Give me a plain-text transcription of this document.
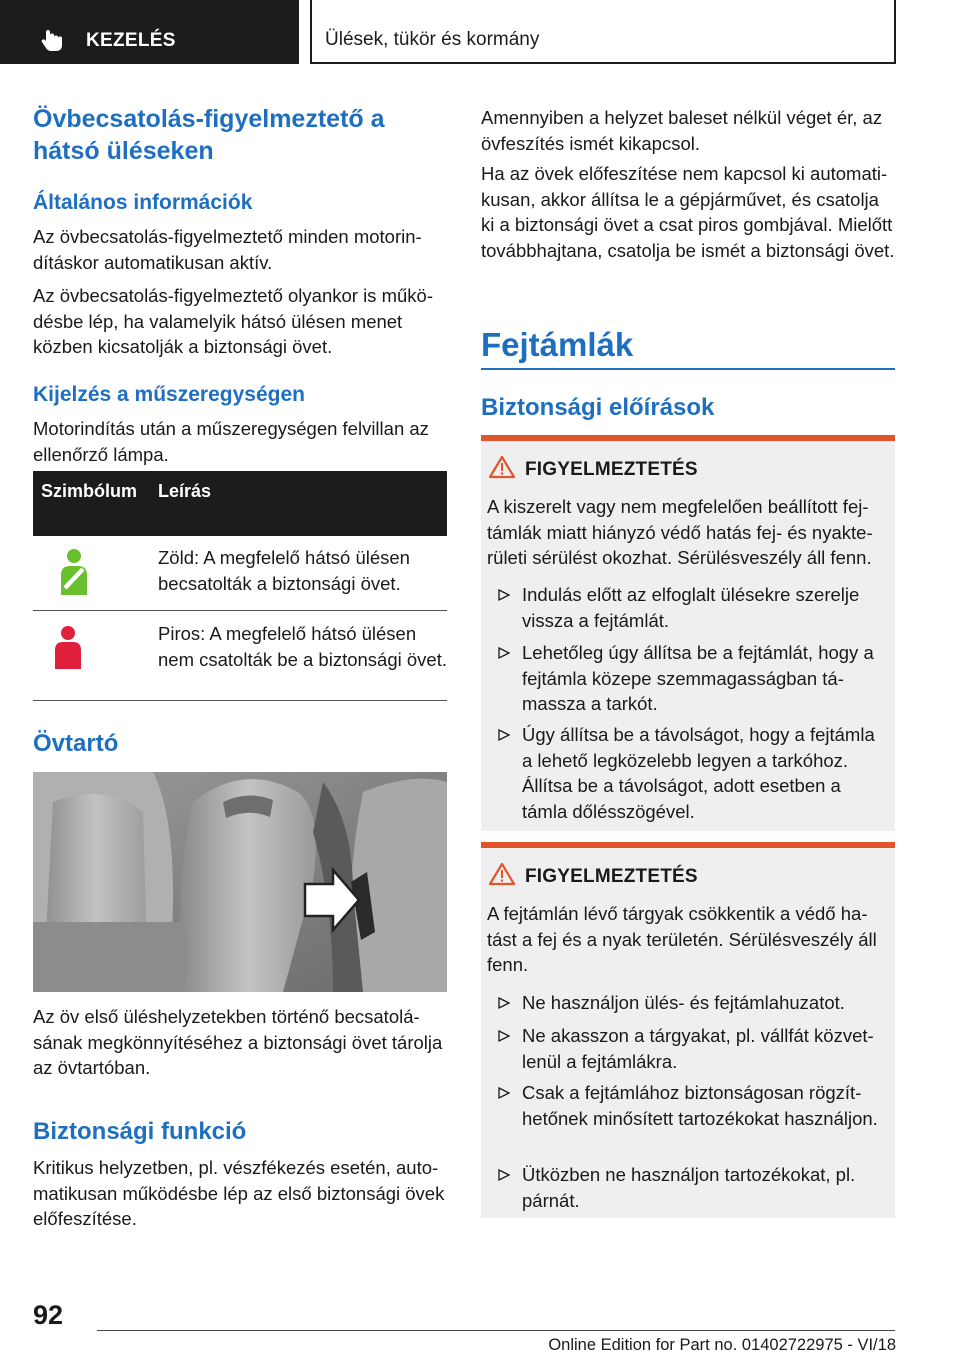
KEZELÉS	Ülések, tükör és kormány
Övbecsatolás-figyelmeztető a hátsó üléseken
Általános információk
Az övbecsatolás-figyelmeztető minden motorindításkor automatikusan aktív.
Az övbecsatolás-figyelmeztető olyankor is működésbe lép, ha valamelyik hátsó ülésen menet közben kicsatolják a biztonsági övet.
Kijelzés a műszeregységen
Motorindítás után a műszeregységen felvillan az ellenőrző lámpa.
Szimbólum Leírás
Zöld: A megfelelő hátsó ülésen becsatolták a biztonsági övet.
Piros: A megfelelő hátsó ülésen nem csatolták be a biztonsági övet.
Övtartó
Az öv első üléshelyzetekben történő becsatolásának megkönnyítéséhez a biztonsági övet tárolja az övtartóban.
Biztonsági funkció
Kritikus helyzetben, pl. vészfékezés esetén, automatikusan működésbe lép az első biztonsági övek előfeszítése.
Amennyiben a helyzet baleset nélkül véget ér, az övfeszítés ismét kikapcsol.
Ha az övek előfeszítése nem kapcsol ki automatikusan, akkor állítsa le a gépjárművet, és csatolja ki a biztonsági övet a csat piros gombjával. Mielőtt továbbhajtana, csatolja be ismét a biztonsági övet.
Fejtámlák
Biztonsági előírások
FIGYELMEZTETÉS
A kiszerelt vagy nem megfelelően beállított fejtámlák miatt hiányzó védő hatás fej- és nyakterületi sérülést okozhat. Sérülésveszély áll fenn.
Indulás előtt az elfoglalt ülésekre szerelje vissza a fejtámlát.
Lehetőleg úgy állítsa be a fejtámlát, hogy a fejtámla közepe szemmagasságban támassza a tarkót.
Úgy állítsa be a távolságot, hogy a fejtámla a lehető legközelebb legyen a tarkóhoz. Állítsa be a távolságot, adott esetben a támla dőlésszögével.
FIGYELMEZTETÉS
A fejtámlán lévő tárgyak csökkentik a védő hatást a fej és a nyak területén. Sérülésveszély áll fenn.
Ne használjon ülés- és fejtámlahuzatot.
Ne akasszon a tárgyakat, pl. vállfát közvetlenül a fejtámlákra.
Csak a fejtámlához biztonságosan rögzíthetőnek minősített tartozékokat használjon.
Ütközben ne használjon tartozékokat, pl. párnát.
92
Online Edition for Part no. 01402722975 - VI/18
